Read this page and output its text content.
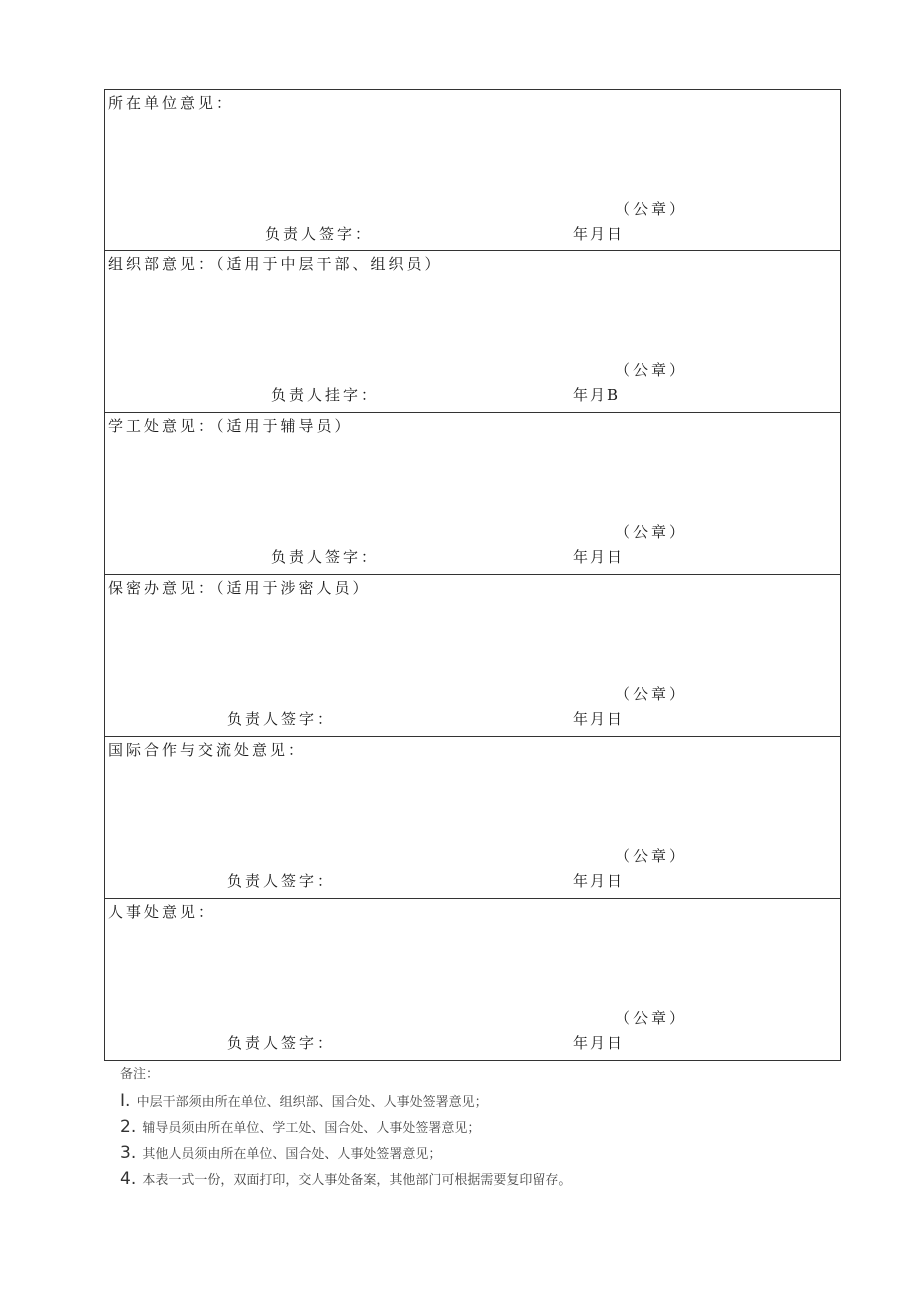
所在单位意见：
（公章）
负责人签字：	年月日
组织部意见：（适用于中层干部、组织员）
（公章）
负责人挂字：	年月B
学工处意见：（适用于辅导员）
（公章）
负责人签字：	年月日
保密办意见：（适用于涉密人员）
（公章）
负责人签字：	年月日
国际合作与交流处意见：
（公章）
负责人签字：	年月日
人事处意见：
（公章）
负责人签字：	年月日
备注：
I. 中层干部须由所在单位、组织部、国合处、人事处签署意见；
2. 辅导员须由所在单位、学工处、国合处、人事处签署意见；
3. 其他人员须由所在单位、国合处、人事处签署意见；
4. 本表一式一份，双面打印，交人事处备案，其他部门可根据需要复印留存。
